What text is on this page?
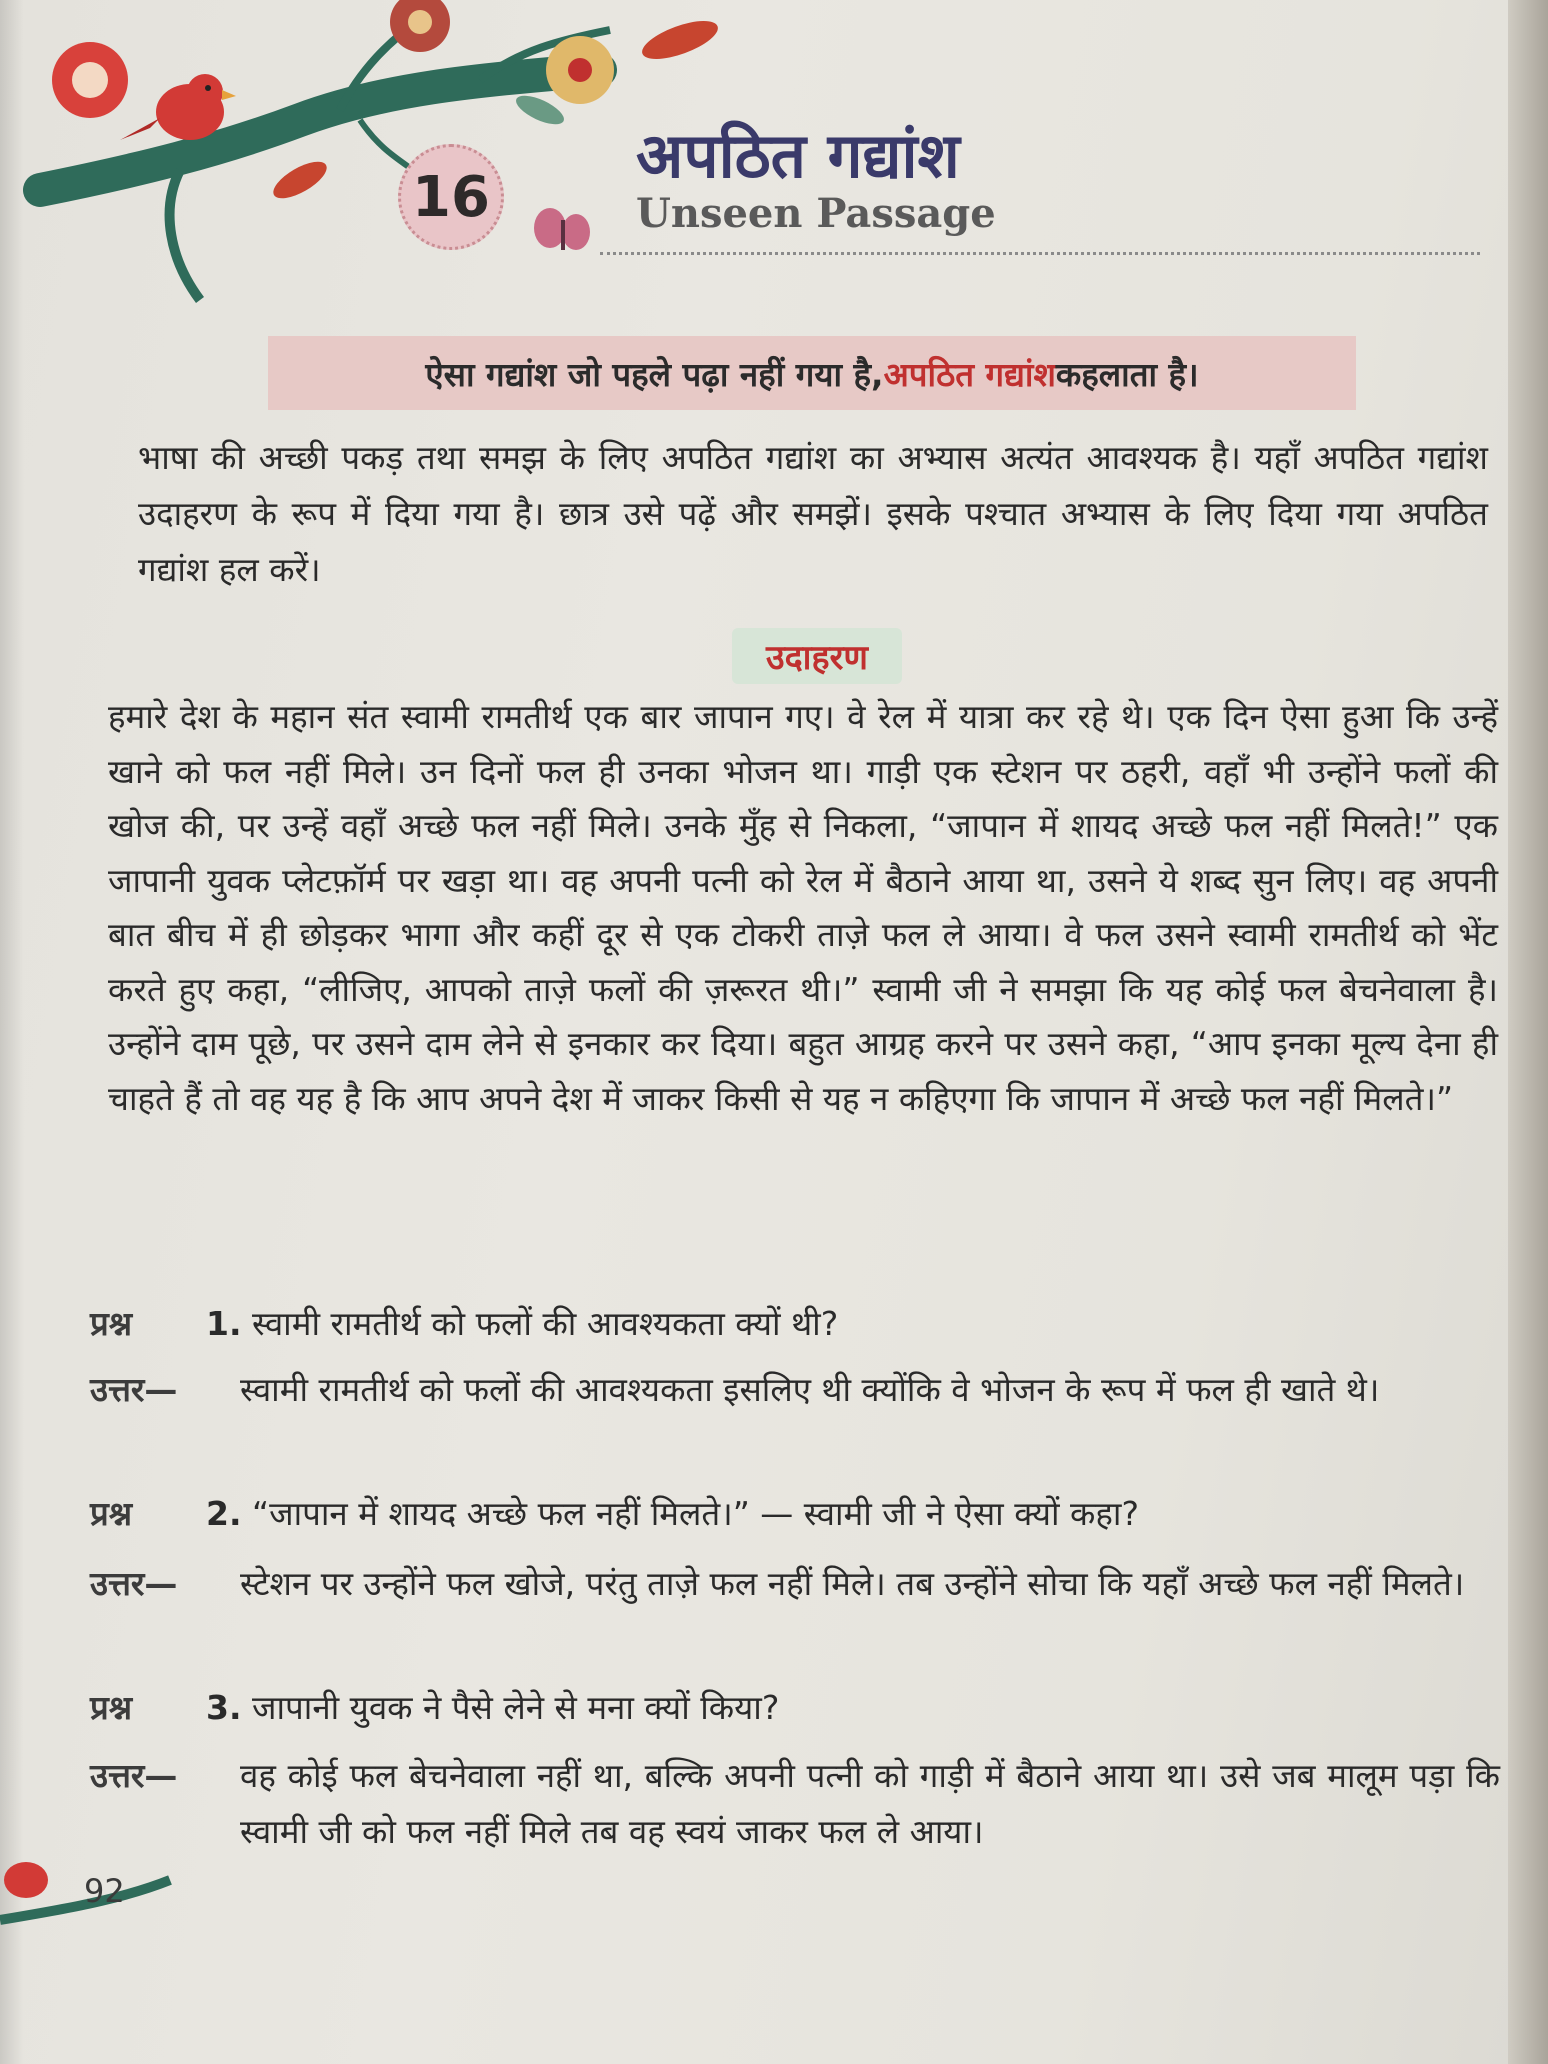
16
अपठित गद्यांश
Unseen Passage
ऐसा गद्यांश जो पहले पढ़ा नहीं गया है, अपठित गद्यांश कहलाता है।
भाषा की अच्छी पकड़ तथा समझ के लिए अपठित गद्यांश का अभ्यास अत्यंत आवश्यक है। यहाँ अपठित गद्यांश उदाहरण के रूप में दिया गया है। छात्र उसे पढ़ें और समझें। इसके पश्चात अभ्यास के लिए दिया गया अपठित गद्यांश हल करें।
उदाहरण
हमारे देश के महान संत स्वामी रामतीर्थ एक बार जापान गए। वे रेल में यात्रा कर रहे थे। एक दिन ऐसा हुआ कि उन्हें खाने को फल नहीं मिले। उन दिनों फल ही उनका भोजन था। गाड़ी एक स्टेशन पर ठहरी, वहाँ भी उन्होंने फलों की खोज की, पर उन्हें वहाँ अच्छे फल नहीं मिले। उनके मुँह से निकला, “जापान में शायद अच्छे फल नहीं मिलते!” एक जापानी युवक प्लेटफ़ॉर्म पर खड़ा था। वह अपनी पत्नी को रेल में बैठाने आया था, उसने ये शब्द सुन लिए। वह अपनी बात बीच में ही छोड़कर भागा और कहीं दूर से एक टोकरी ताज़े फल ले आया। वे फल उसने स्वामी रामतीर्थ को भेंट करते हुए कहा, “लीजिए, आपको ताज़े फलों की ज़रूरत थी।” स्वामी जी ने समझा कि यह कोई फल बेचनेवाला है। उन्होंने दाम पूछे, पर उसने दाम लेने से इनकार कर दिया। बहुत आग्रह करने पर उसने कहा, “आप इनका मूल्य देना ही चाहते हैं तो वह यह है कि आप अपने देश में जाकर किसी से यह न कहिएगा कि जापान में अच्छे फल नहीं मिलते।”
प्रश्न 1. स्वामी रामतीर्थ को फलों की आवश्यकता क्यों थी?
उत्तर— स्वामी रामतीर्थ को फलों की आवश्यकता इसलिए थी क्योंकि वे भोजन के रूप में फल ही खाते थे।
प्रश्न 2. “जापान में शायद अच्छे फल नहीं मिलते।” — स्वामी जी ने ऐसा क्यों कहा?
उत्तर— स्टेशन पर उन्होंने फल खोजे, परंतु ताज़े फल नहीं मिले। तब उन्होंने सोचा कि यहाँ अच्छे फल नहीं मिलते।
प्रश्न 3. जापानी युवक ने पैसे लेने से मना क्यों किया?
उत्तर— वह कोई फल बेचनेवाला नहीं था, बल्कि अपनी पत्नी को गाड़ी में बैठाने आया था। उसे जब मालूम पड़ा कि स्वामी जी को फल नहीं मिले तब वह स्वयं जाकर फल ले आया।
92
